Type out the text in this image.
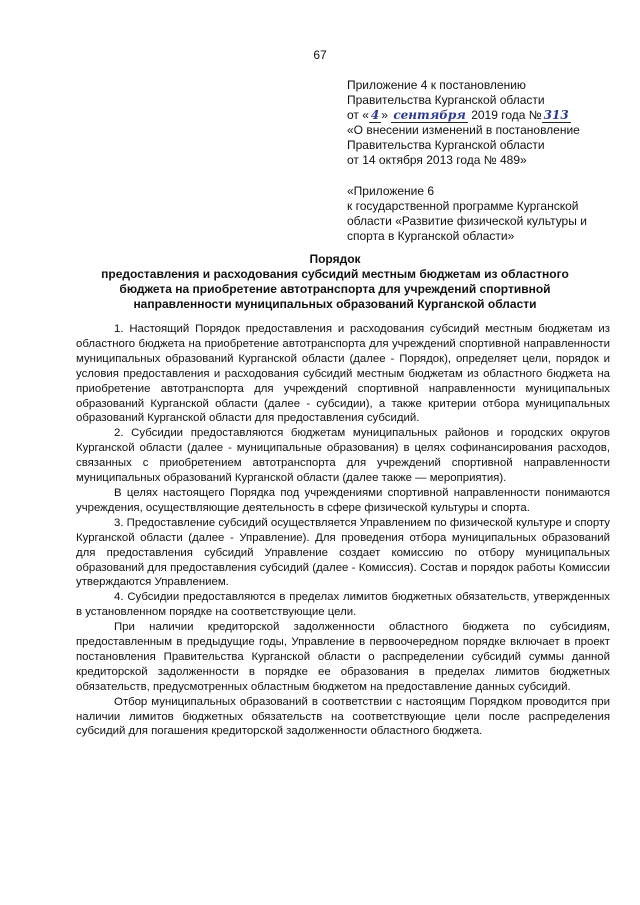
67

Приложение 4 к постановлению

Правительства Курганской области

от « 4 » сентября 2019 года № 313

«О внесении изменений в постановление

Правительства Курганской области

от 14 октября 2013 года № 489»

«Приложение 6

к государственной программе Курганской

области «Развитие физической культуры и

спорта в Курганской области»

Порядок

предоставления и расходования субсидий местным бюджетам из областного

бюджета на приобретение автотранспорта для учреждений спортивной

направленности муниципальных образований Курганской области

1. Настоящий Порядок предоставления и расходования субсидий местным бюджетам из областного бюджета на приобретение автотранспорта для учреждений спортивной направленности муниципальных образований Курганской области (далее - Порядок), определяет цели, порядок и условия предоставления и расходования субсидий местным бюджетам из областного бюджета на приобретение автотранспорта для учреждений спортивной направленности муниципальных образований Курганской области (далее - субсидии), а также критерии отбора муниципальных образований Курганской области для предоставления субсидий.

2. Субсидии предоставляются бюджетам муниципальных районов и городских округов Курганской области (далее - муниципальные образования) в целях софинансирования расходов, связанных с приобретением автотранспорта для учреждений спортивной направленности муниципальных образований Курганской области (далее также — мероприятия).

В целях настоящего Порядка под учреждениями спортивной направленности понимаются учреждения, осуществляющие деятельность в сфере физической культуры и спорта.

3. Предоставление субсидий осуществляется Управлением по физической культуре и спорту Курганской области (далее - Управление). Для проведения отбора муниципальных образований для предоставления субсидий Управление создает комиссию по отбору муниципальных образований для предоставления субсидий (далее - Комиссия). Состав и порядок работы Комиссии утверждаются Управлением.

4. Субсидии предоставляются в пределах лимитов бюджетных обязательств, утвержденных в установленном порядке на соответствующие цели.

При наличии кредиторской задолженности областного бюджета по субсидиям, предоставленным в предыдущие годы, Управление в первоочередном порядке включает в проект постановления Правительства Курганской области о распределении субсидий суммы данной кредиторской задолженности в порядке ее образования в пределах лимитов бюджетных обязательств, предусмотренных областным бюджетом на предоставление данных субсидий.

Отбор муниципальных образований в соответствии с настоящим Порядком проводится при наличии лимитов бюджетных обязательств на соответствующие цели после распределения субсидий для погашения кредиторской задолженности областного бюджета.
